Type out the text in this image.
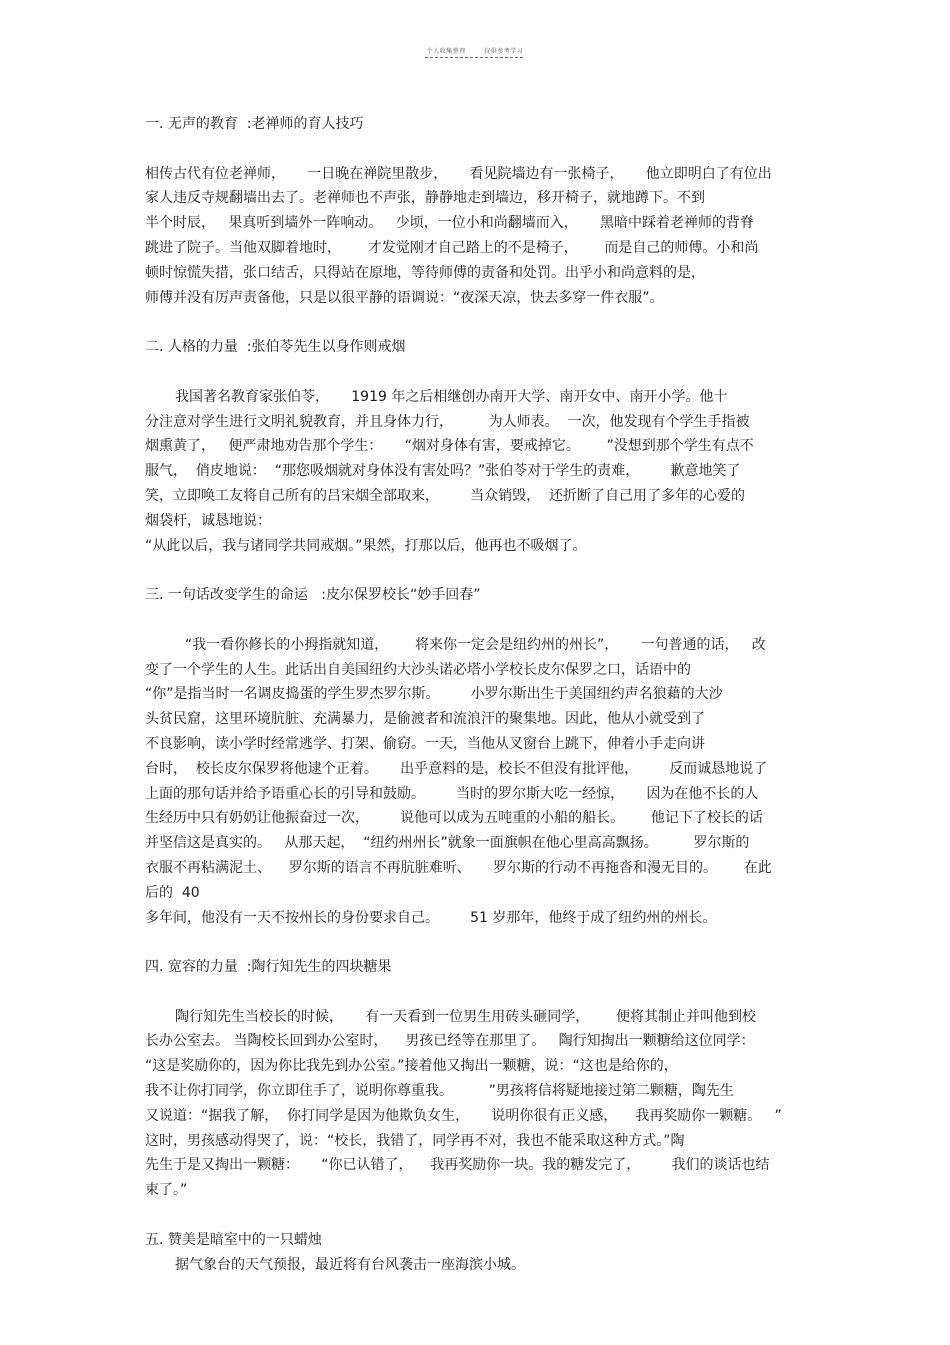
个人收集整理	仅供参考学习
一. 无声的教育  :老禅师的育人技巧
相传古代有位老禅师，     一日晚在禅院里散步，     看见院墙边有一张椅子，     他立即明白了有位出
家人违反寺规翻墙出去了。老禅师也不声张，静静地走到墙边，移开椅子，就地蹲下。不到
半个时辰，   果真听到墙外一阵响动。   少顷，一位小和尚翻墙而入，     黑暗中踩着老禅师的背脊
跳进了院子。当他双脚着地时，      才发觉刚才自己踏上的不是椅子，      而是自己的师傅。小和尚
顿时惊慌失措，张口结舌，只得站在原地，等待师傅的责备和处罚。出乎小和尚意料的是，
师傅并没有厉声责备他，只是以很平静的语调说：“夜深天凉，快去多穿一件衣服”。
二. 人格的力量  :张伯苓先生以身作则戒烟
我国著名教育家张伯苓，     1919 年之后相继创办南开大学、南开女中、南开小学。他十
分注意对学生进行文明礼貌教育，并且身体力行，        为人师表。  一次，他发现有个学生手指被
烟熏黄了，   便严肃地劝告那个学生：     “烟对身体有害，要戒掉它。      ”没想到那个学生有点不
服气，  俏皮地说：  “那您吸烟就对身体没有害处吗？”张伯苓对于学生的责难，       歉意地笑了
笑，立即唤工友将自己所有的吕宋烟全部取来，       当众销毁，  还折断了自己用了多年的心爱的
烟袋杆，诚恳地说：
“从此以后，我与诸同学共同戒烟。”果然，打那以后，他再也不吸烟了。
三. 一句话改变学生的命运   :皮尔保罗校长“妙手回春”
“我一看你修长的小拇指就知道，      将来你一定会是纽约州的州长”，     一句普通的话，   改
变了一个学生的人生。此话出自美国纽约大沙头诺必塔小学校长皮尔保罗之口，话语中的
“你”是指当时一名调皮捣蛋的学生罗杰罗尔斯。       小罗尔斯出生于美国纽约声名狼藉的大沙
头贫民窟，这里环境肮脏、充满暴力，是偷渡者和流浪汗的聚集地。因此，他从小就受到了
不良影响，读小学时经常逃学、打架、偷窃。一天，当他从叉窗台上跳下，伸着小手走向讲
台时，  校长皮尔保罗将他逮个正着。     出乎意料的是，校长不但没有批评他，       反而诚恳地说了
上面的那句话并给予语重心长的引导和鼓励。       当时的罗尔斯大吃一经惊，     因为在他不长的人
生经历中只有奶奶让他振奋过一次，       说他可以成为五吨重的小船的船长。      他记下了校长的话
并坚信这是真实的。   从那天起，  “纽约州州长”就象一面旗帜在他心里高高飘扬。        罗尔斯的
衣服不再粘满泥土、    罗尔斯的语言不再肮脏难听、     罗尔斯的行动不再拖沓和漫无目的。      在此
后的  40
多年间，他没有一天不按州长的身份要求自己。       51 岁那年，他终于成了纽约州的州长。
四. 宽容的力量  :陶行知先生的四块糖果
陶行知先生当校长的时候，     有一天看到一位男生用砖头砸同学，      便将其制止并叫他到校
长办公室去。 当陶校长回到办公室时，    男孩已经等在那里了。   陶行知掏出一颗糖给这位同学：
“这是奖励你的，因为你比我先到办公室。”接着他又掏出一颗糖，说：“这也是给你的，
我不让你打同学，你立即住手了，说明你尊重我。        ”男孩将信将疑地接过第二颗糖，陶先生
又说道：“据我了解，  你打同学是因为他欺负女生，     说明你很有正义感，    我再奖励你一颗糖。   ”
这时，男孩感动得哭了，说：“校长，我错了，同学再不对，我也不能采取这种方式。”陶
先生于是又掏出一颗糖：     “你已认错了，    我再奖励你一块。我的糖发完了，       我们的谈话也结
束了。”
五. 赞美是暗室中的一只蜡烛
据气象台的天气预报，最近将有台风袭击一座海滨小城。
